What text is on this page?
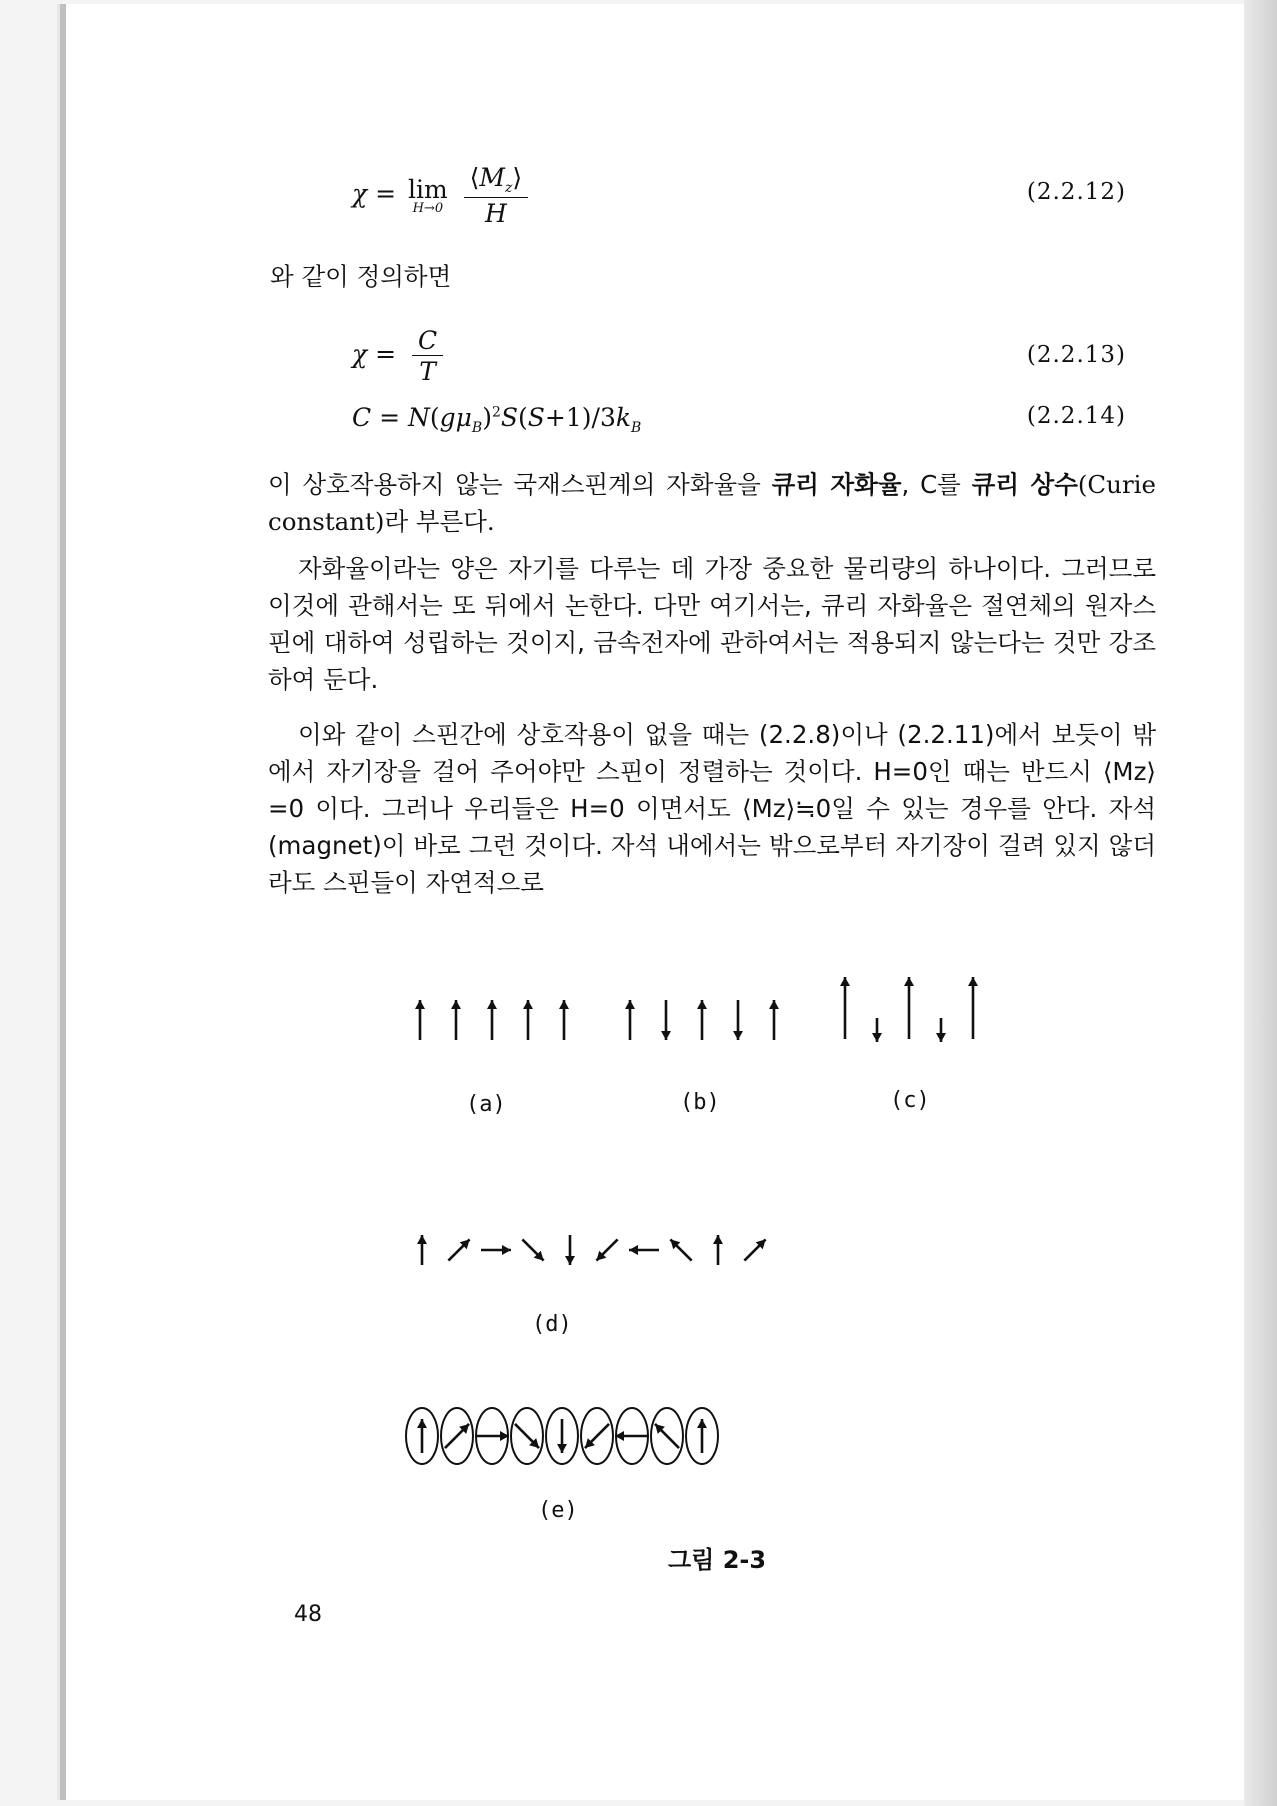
χ = lim
H→0
$\frac{⟨M_z⟩}{H}$	(2.2.12)
와 같이 정의하면
$\chi = \frac{C}{T}$	(2.2.13)
$C = N(g\mu_B)^2S(S+1)/3k_B$	(2.2.14)
이 상호작용하지 않는 국재스핀계의 자화율을 큐리 자화율, C를 큐리 상수(Curie constant)라 부른다.
자화율이라는 양은 자기를 다루는 데 가장 중요한 물리량의 하나이다. 그러므로 이것에 관해서는 또 뒤에서 논한다. 다만 여기서는, 큐리 자화율은 절연체의 원자스핀에 대하여 성립하는 것이지, 금속전자에 관하여서는 적용되지 않는다는 것만 강조하여 둔다.
이와 같이 스핀간에 상호작용이 없을 때는 (2.2.8)이나 (2.2.11)에서 보듯이 밖에서 자기장을 걸어 주어야만 스핀이 정렬하는 것이다. H=0인 때는 반드시 ⟨Mz⟩=0 이다. 그러나 우리들은 H=0 이면서도 ⟨Mz⟩≒0일 수 있는 경우를 안다. 자석(magnet)이 바로 그런 것이다. 자석 내에서는 밖으로부터 자기장이 걸려 있지 않더라도 스핀들이 자연적으로
(a)	(b)	(c)
(d)
(e)
그림 2-3
48
